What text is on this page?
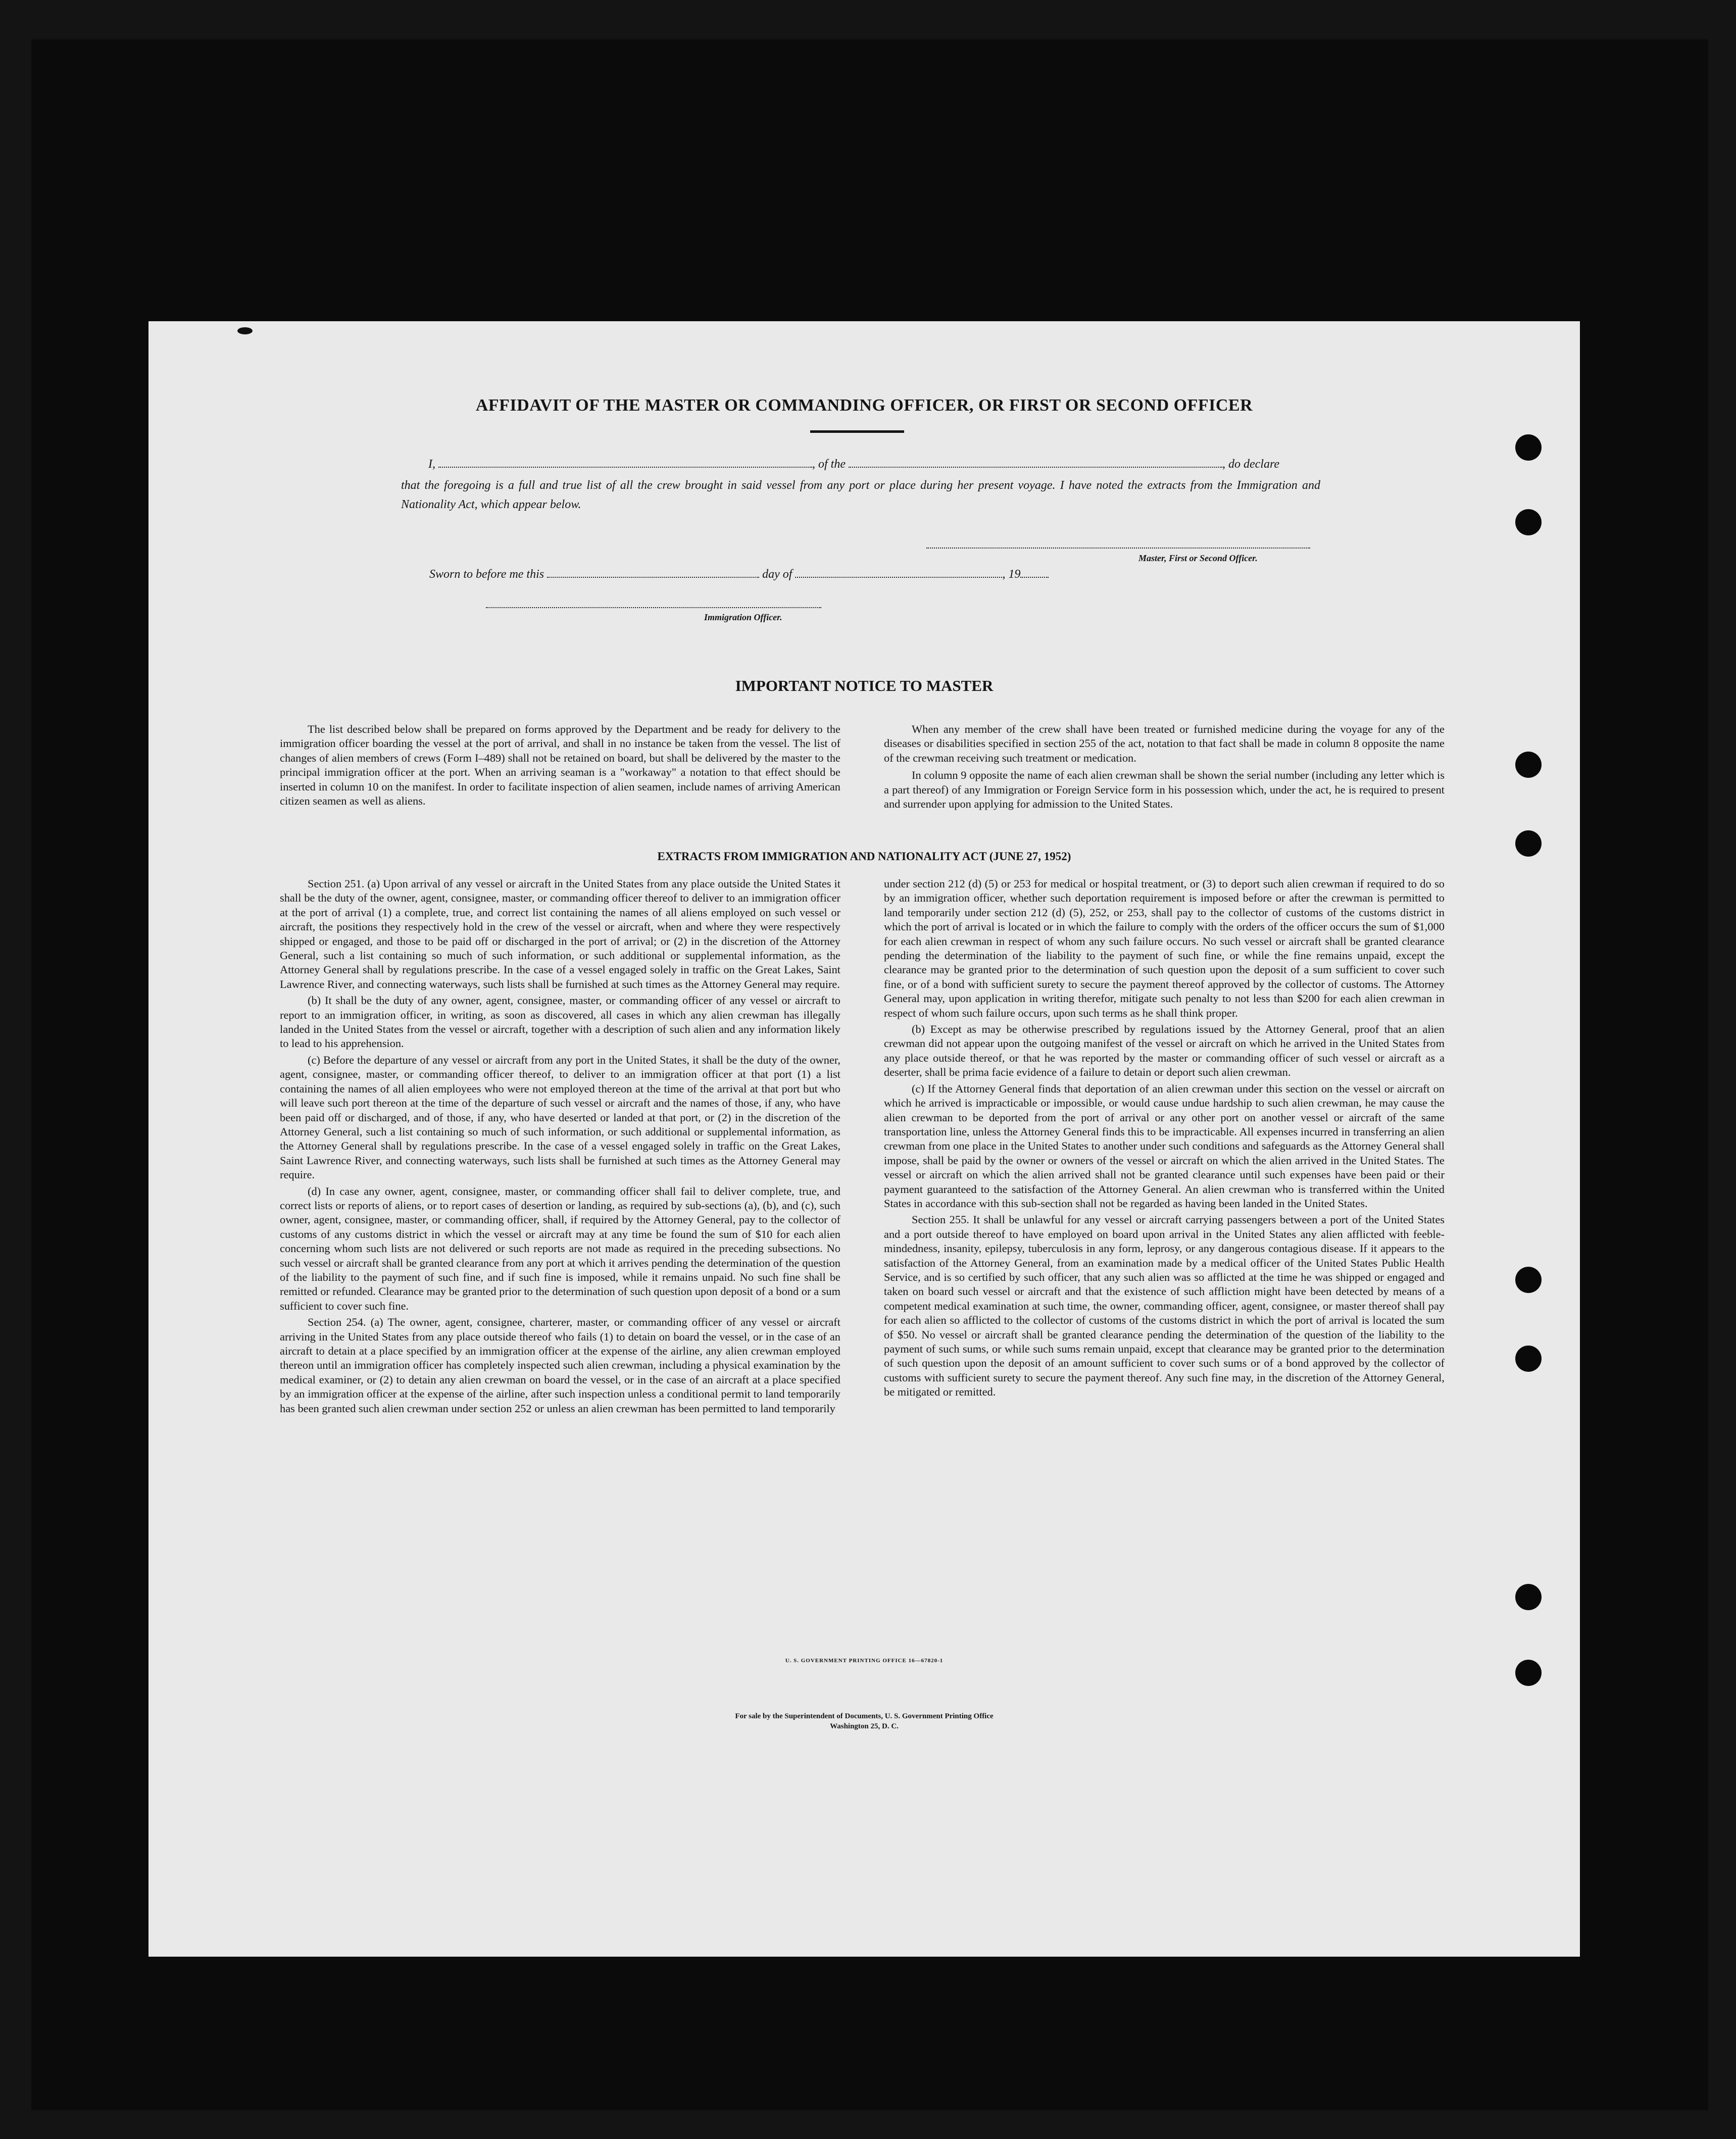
AFFIDAVIT OF THE MASTER OR COMMANDING OFFICER, OR FIRST OR SECOND OFFICER
I,	, of the	, do declare
that the foregoing is a full and true list of all the crew brought in said vessel from any port or place during her present voyage. I have noted the extracts from the Immigration and Nationality Act, which appear below.
Master, First or Second Officer.
Sworn to before me this	day of	, 19
Immigration Officer.
IMPORTANT NOTICE TO MASTER

The list described below shall be prepared on forms approved by the Department and be ready for delivery to the immigration officer boarding the vessel at the port of arrival, and shall in no instance be taken from the vessel. The list of changes of alien members of crews (Form I–489) shall not be retained on board, but shall be delivered by the master to the principal immigration officer at the port. When an arriving seaman is a "workaway" a notation to that effect should be inserted in column 10 on the manifest. In order to facilitate inspection of alien seamen, include names of arriving American citizen seamen as well as aliens.

When any member of the crew shall have been treated or furnished medicine during the voyage for any of the diseases or disabilities specified in section 255 of the act, notation to that fact shall be made in column 8 opposite the name of the crewman receiving such treatment or medication.

In column 9 opposite the name of each alien crewman shall be shown the serial number (including any letter which is a part thereof) of any Immigration or Foreign Service form in his possession which, under the act, he is required to present and surrender upon applying for admission to the United States.

EXTRACTS FROM IMMIGRATION AND NATIONALITY ACT (JUNE 27, 1952)

Section 251. (a) Upon arrival of any vessel or aircraft in the United States from any place outside the United States it shall be the duty of the owner, agent, consignee, master, or commanding officer thereof to deliver to an immigration officer at the port of arrival (1) a complete, true, and correct list containing the names of all aliens employed on such vessel or aircraft, the positions they respectively hold in the crew of the vessel or aircraft, when and where they were respectively shipped or engaged, and those to be paid off or discharged in the port of arrival; or (2) in the discretion of the Attorney General, such a list containing so much of such information, or such additional or supplemental information, as the Attorney General shall by regulations prescribe. In the case of a vessel engaged solely in traffic on the Great Lakes, Saint Lawrence River, and connecting waterways, such lists shall be furnished at such times as the Attorney General may require.

(b) It shall be the duty of any owner, agent, consignee, master, or commanding officer of any vessel or aircraft to report to an immigration officer, in writing, as soon as discovered, all cases in which any alien crewman has illegally landed in the United States from the vessel or aircraft, together with a description of such alien and any information likely to lead to his apprehension.

(c) Before the departure of any vessel or aircraft from any port in the United States, it shall be the duty of the owner, agent, consignee, master, or commanding officer thereof, to deliver to an immigration officer at that port (1) a list containing the names of all alien employees who were not employed thereon at the time of the arrival at that port but who will leave such port thereon at the time of the departure of such vessel or aircraft and the names of those, if any, who have been paid off or discharged, and of those, if any, who have deserted or landed at that port, or (2) in the discretion of the Attorney General, such a list containing so much of such information, or such additional or supplemental information, as the Attorney General shall by regulations prescribe. In the case of a vessel engaged solely in traffic on the Great Lakes, Saint Lawrence River, and connecting waterways, such lists shall be furnished at such times as the Attorney General may require.

(d) In case any owner, agent, consignee, master, or commanding officer shall fail to deliver complete, true, and correct lists or reports of aliens, or to report cases of desertion or landing, as required by sub-sections (a), (b), and (c), such owner, agent, consignee, master, or commanding officer, shall, if required by the Attorney General, pay to the collector of customs of any customs district in which the vessel or aircraft may at any time be found the sum of $10 for each alien concerning whom such lists are not delivered or such reports are not made as required in the preceding subsections. No such vessel or aircraft shall be granted clearance from any port at which it arrives pending the determination of the question of the liability to the payment of such fine, and if such fine is imposed, while it remains unpaid. No such fine shall be remitted or refunded. Clearance may be granted prior to the determination of such question upon deposit of a bond or a sum sufficient to cover such fine.

Section 254. (a) The owner, agent, consignee, charterer, master, or commanding officer of any vessel or aircraft arriving in the United States from any place outside thereof who fails (1) to detain on board the vessel, or in the case of an aircraft to detain at a place specified by an immigration officer at the expense of the airline, any alien crewman employed thereon until an immigration officer has completely inspected such alien crewman, including a physical examination by the medical examiner, or (2) to detain any alien crewman on board the vessel, or in the case of an aircraft at a place specified by an immigration officer at the expense of the airline, after such inspection unless a conditional permit to land temporarily has been granted such alien crewman under section 252 or unless an alien crewman has been permitted to land temporarily

under section 212 (d) (5) or 253 for medical or hospital treatment, or (3) to deport such alien crewman if required to do so by an immigration officer, whether such deportation requirement is imposed before or after the crewman is permitted to land temporarily under section 212 (d) (5), 252, or 253, shall pay to the collector of customs of the customs district in which the port of arrival is located or in which the failure to comply with the orders of the officer occurs the sum of $1,000 for each alien crewman in respect of whom any such failure occurs. No such vessel or aircraft shall be granted clearance pending the determination of the liability to the payment of such fine, or while the fine remains unpaid, except the clearance may be granted prior to the determination of such question upon the deposit of a sum sufficient to cover such fine, or of a bond with sufficient surety to secure the payment thereof approved by the collector of customs. The Attorney General may, upon application in writing therefor, mitigate such penalty to not less than $200 for each alien crewman in respect of whom such failure occurs, upon such terms as he shall think proper.

(b) Except as may be otherwise prescribed by regulations issued by the Attorney General, proof that an alien crewman did not appear upon the outgoing manifest of the vessel or aircraft on which he arrived in the United States from any place outside thereof, or that he was reported by the master or commanding officer of such vessel or aircraft as a deserter, shall be prima facie evidence of a failure to detain or deport such alien crewman.

(c) If the Attorney General finds that deportation of an alien crewman under this section on the vessel or aircraft on which he arrived is impracticable or impossible, or would cause undue hardship to such alien crewman, he may cause the alien crewman to be deported from the port of arrival or any other port on another vessel or aircraft of the same transportation line, unless the Attorney General finds this to be impracticable. All expenses incurred in transferring an alien crewman from one place in the United States to another under such conditions and safeguards as the Attorney General shall impose, shall be paid by the owner or owners of the vessel or aircraft on which the alien arrived in the United States. The vessel or aircraft on which the alien arrived shall not be granted clearance until such expenses have been paid or their payment guaranteed to the satisfaction of the Attorney General. An alien crewman who is transferred within the United States in accordance with this sub-section shall not be regarded as having been landed in the United States.

Section 255. It shall be unlawful for any vessel or aircraft carrying passengers between a port of the United States and a port outside thereof to have employed on board upon arrival in the United States any alien afflicted with feeble-mindedness, insanity, epilepsy, tuberculosis in any form, leprosy, or any dangerous contagious disease. If it appears to the satisfaction of the Attorney General, from an examination made by a medical officer of the United States Public Health Service, and is so certified by such officer, that any such alien was so afflicted at the time he was shipped or engaged and taken on board such vessel or aircraft and that the existence of such affliction might have been detected by means of a competent medical examination at such time, the owner, commanding officer, agent, consignee, or master thereof shall pay for each alien so afflicted to the collector of customs of the customs district in which the port of arrival is located the sum of $50. No vessel or aircraft shall be granted clearance pending the determination of the question of the liability to the payment of such sums, or while such sums remain unpaid, except that clearance may be granted prior to the determination of such question upon the deposit of an amount sufficient to cover such sums or of a bond approved by the collector of customs with sufficient surety to secure the payment thereof. Any such fine may, in the discretion of the Attorney General, be mitigated or remitted.

U. S. GOVERNMENT PRINTING OFFICE 16—67820-1
For sale by the Superintendent of Documents, U. S. Government Printing Office
Washington 25, D. C.
